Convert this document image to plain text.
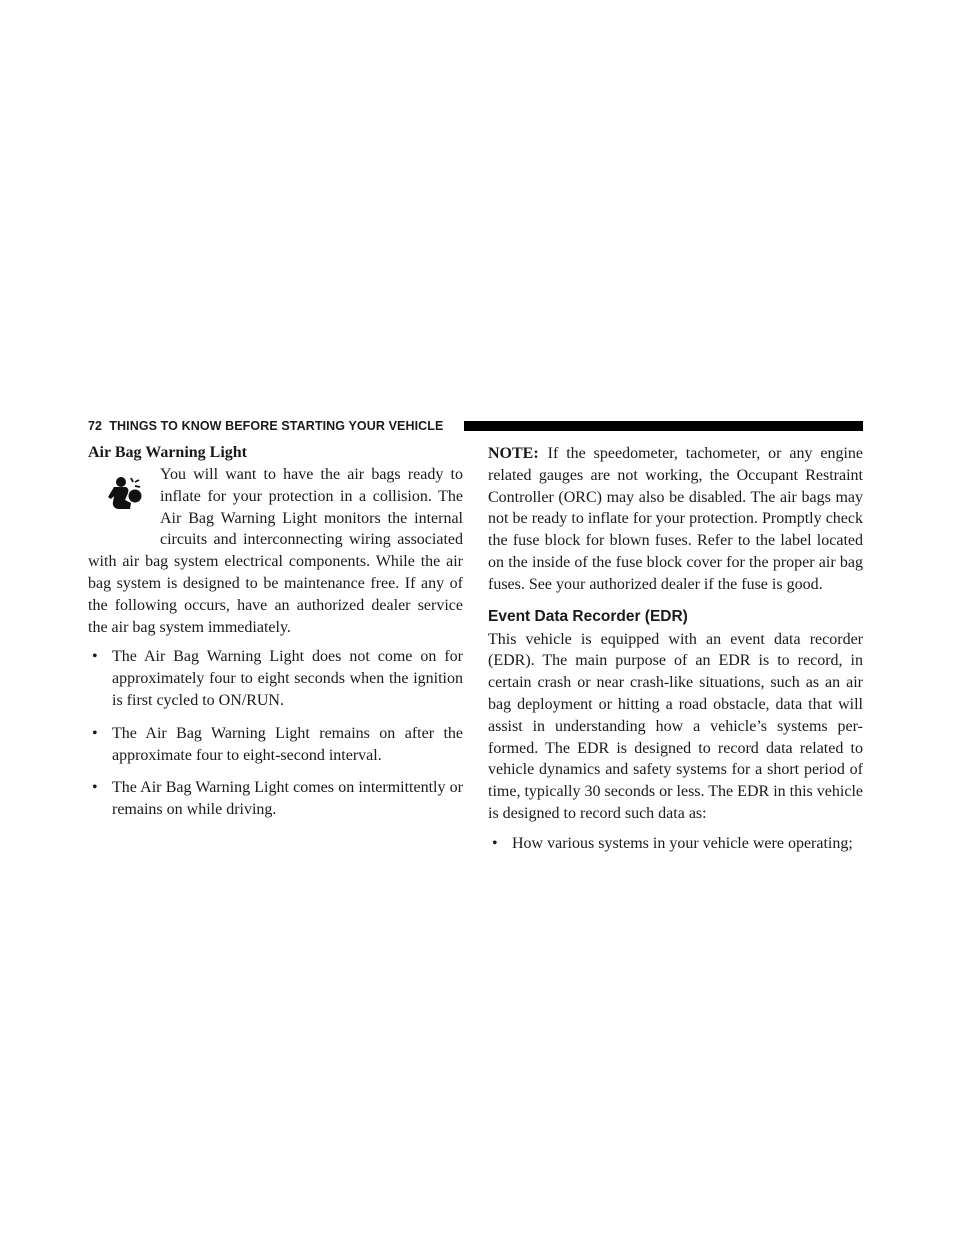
72 THINGS TO KNOW BEFORE STARTING YOUR VEHICLE

Air Bag Warning Light

You will want to have the air bags ready to inflate for your protection in a collision. The Air Bag Warning Light monitors the internal circuits and interconnecting wiring associated with air bag system electrical components. While the air bag system is designed to be maintenance free. If any of the following occurs, have an authorized dealer service the air bag system immediately.

• The Air Bag Warning Light does not come on for approximately four to eight seconds when the ignition is first cycled to ON/RUN.
• The Air Bag Warning Light remains on after the approximate four to eight-second interval.
• The Air Bag Warning Light comes on intermittently or remains on while driving.

NOTE: If the speedometer, tachometer, or any engine related gauges are not working, the Occupant Restraint Controller (ORC) may also be disabled. The air bags may not be ready to inflate for your protection. Promptly check the fuse block for blown fuses. Refer to the label located on the inside of the fuse block cover for the proper air bag fuses. See your authorized dealer if the fuse is good.

Event Data Recorder (EDR)

This vehicle is equipped with an event data recorder (EDR). The main purpose of an EDR is to record, in certain crash or near crash-like situations, such as an air bag deployment or hitting a road obstacle, data that will assist in understanding how a vehicle’s systems per-formed. The EDR is designed to record data related to vehicle dynamics and safety systems for a short period of time, typically 30 seconds or less. The EDR in this vehicle is designed to record such data as:

• How various systems in your vehicle were operating;
